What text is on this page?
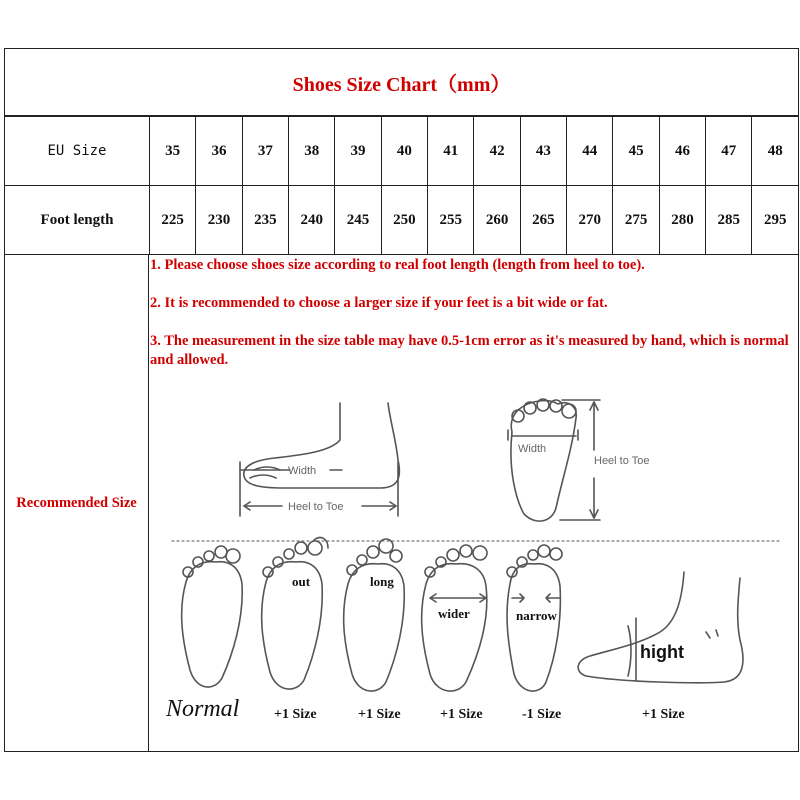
Shoes Size Chart（mm）
EU Size	35	36	37	38	39	40	41	42	43	44	45	46	47	48
Foot length	225	230	235	240	245	250	255	260	265	270	275	280	285	295
Recommended Size

1. Please choose shoes size according to real foot length (length from heel to toe).

2. It is recommended to choose a larger size if your feet is a bit wide or fat.

3. The measurement in the size table may have 0.5-1cm error as it's measured by hand, which is normal and allowed.

Width
Heel to Toe
Width
Heel to Toe
Normal
out	long
wider	narrow
hight
+1 Size	+1 Size	+1 Size	-1 Size	+1 Size
